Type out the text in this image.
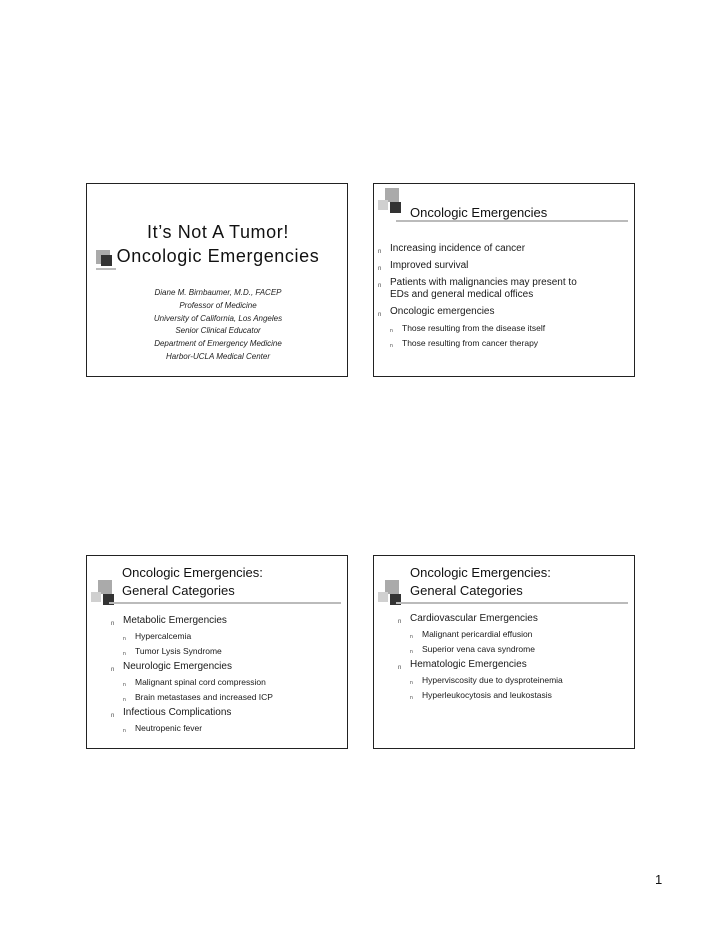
It’s Not A Tumor!
Oncologic Emergencies
Diane M. Birnbaumer, M.D., FACEP
Professor of Medicine
University of California, Los Angeles
Senior Clinical Educator
Department of Emergency Medicine
Harbor-UCLA Medical Center
Oncologic Emergencies
n Increasing incidence of cancer
n Improved survival
n Patients with malignancies may present to
EDs and general medical offices
n Oncologic emergencies
n Those resulting from the disease itself
n Those resulting from cancer therapy
Oncologic Emergencies:
General Categories
n Metabolic Emergencies
n Hypercalcemia
n Tumor Lysis Syndrome
n Neurologic Emergencies
n Malignant spinal cord compression
n Brain metastases and increased ICP
n Infectious Complications
n Neutropenic fever
Oncologic Emergencies:
General Categories
n Cardiovascular Emergencies
n Malignant pericardial effusion
n Superior vena cava syndrome
n Hematologic Emergencies
n Hyperviscosity due to dysproteinemia
n Hyperleukocytosis and leukostasis
1
